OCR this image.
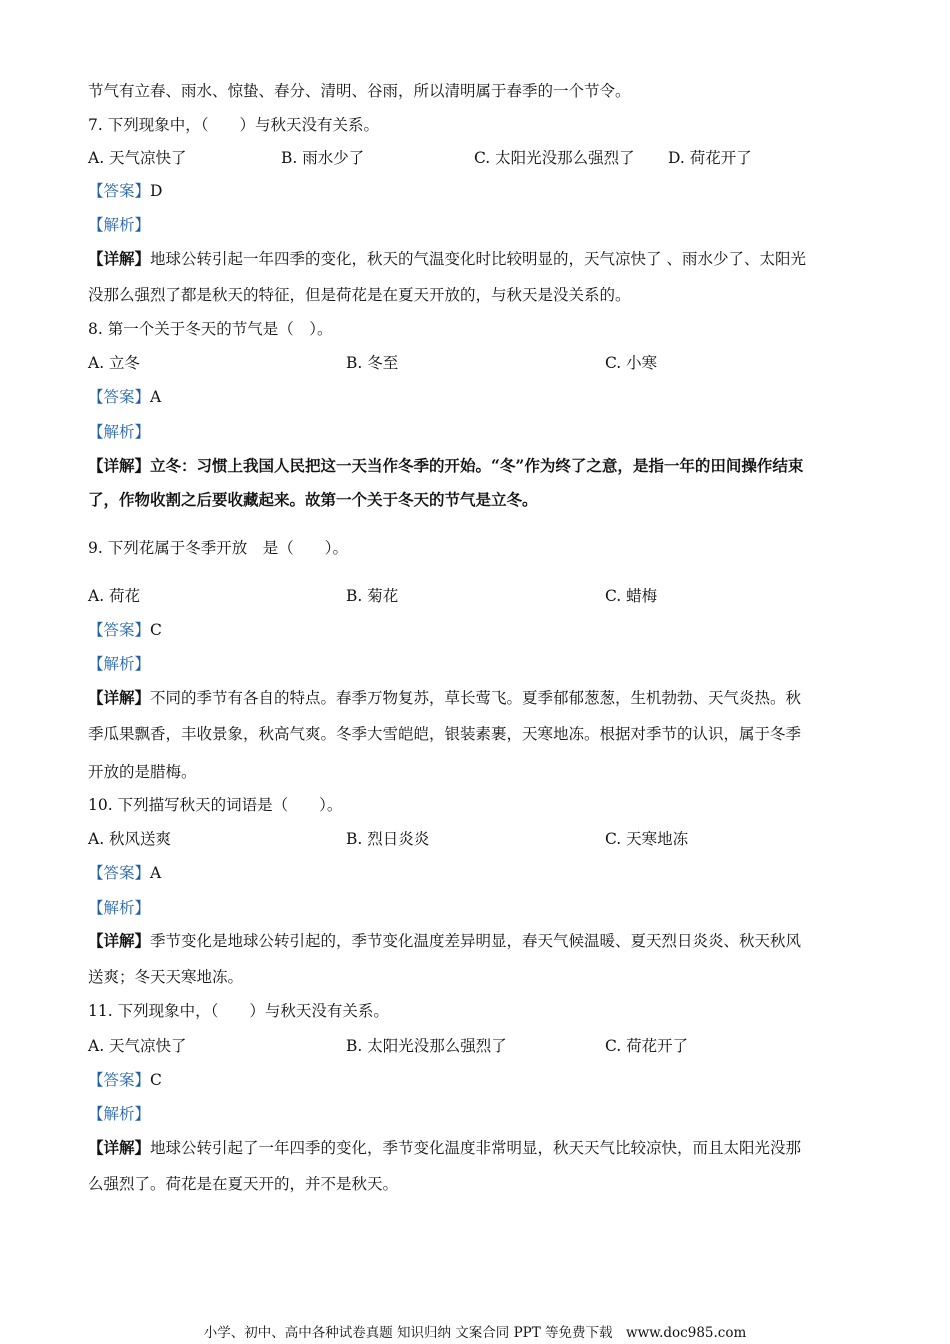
节气有立春、雨水、惊蛰、春分、清明、谷雨，所以清明属于春季的一个节令。
7. 下列现象中，（　　）与秋天没有关系。
A. 天气凉快了	B. 雨水少了	C. 太阳光没那么强烈了 D. 荷花开了
【答案】D
【解析】
【详解】地球公转引起一年四季的变化，秋天的气温变化时比较明显的，天气凉快了 、雨水少了、太阳光
没那么强烈了都是秋天的特征，但是荷花是在夏天开放的，与秋天是没关系的。
8. 第一个关于冬天的节气是（　）。
A. 立冬	B. 冬至	C. 小寒
【答案】A
【解析】
【详解】立冬：习惯上我国人民把这一天当作冬季的开始。“冬”作为终了之意，是指一年的田间操作结束
了，作物收割之后要收藏起来。故第一个关于冬天的节气是立冬。
9. 下列花属于冬季开放　是（　　）。
A. 荷花	B. 菊花	C. 蜡梅
【答案】C
【解析】
【详解】不同的季节有各自的特点。春季万物复苏，草长莺飞。夏季郁郁葱葱，生机勃勃、天气炎热。秋
季瓜果飘香，丰收景象，秋高气爽。冬季大雪皑皑，银装素裹，天寒地冻。根据对季节的认识，属于冬季
开放的是腊梅。
10. 下列描写秋天的词语是（　　）。
A. 秋风送爽	B. 烈日炎炎	C. 天寒地冻
【答案】A
【解析】
【详解】季节变化是地球公转引起的，季节变化温度差异明显，春天气候温暖、夏天烈日炎炎、秋天秋风
送爽；冬天天寒地冻。
11. 下列现象中，（　　）与秋天没有关系。
A. 天气凉快了	B. 太阳光没那么强烈了	C. 荷花开了
【答案】C
【解析】
【详解】地球公转引起了一年四季的变化，季节变化温度非常明显，秋天天气比较凉快，而且太阳光没那
么强烈了。荷花是在夏天开的，并不是秋天。
小学、初中、高中各种试卷真题 知识归纳 文案合同 PPT 等免费下载　www.doc985.com
